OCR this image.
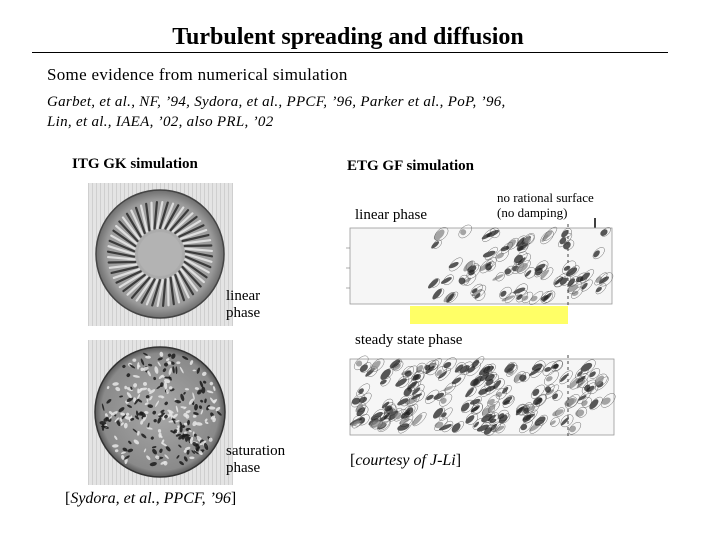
Turbulent spreading and diffusion
Some evidence from numerical simulation
Garbet, et al., NF, ’94, Sydora, et al., PPCF, ’96, Parker et al., PoP, ’96,
Lin, et al., IAEA, ’02, also PRL, ’02
ITG GK simulation	ETG GF simulation
linear
phase
saturation
phase
[Sydora, et al., PPCF, ’96]
linear phase
no rational surface
(no damping)
steady state phase
[courtesy of J-Li]
